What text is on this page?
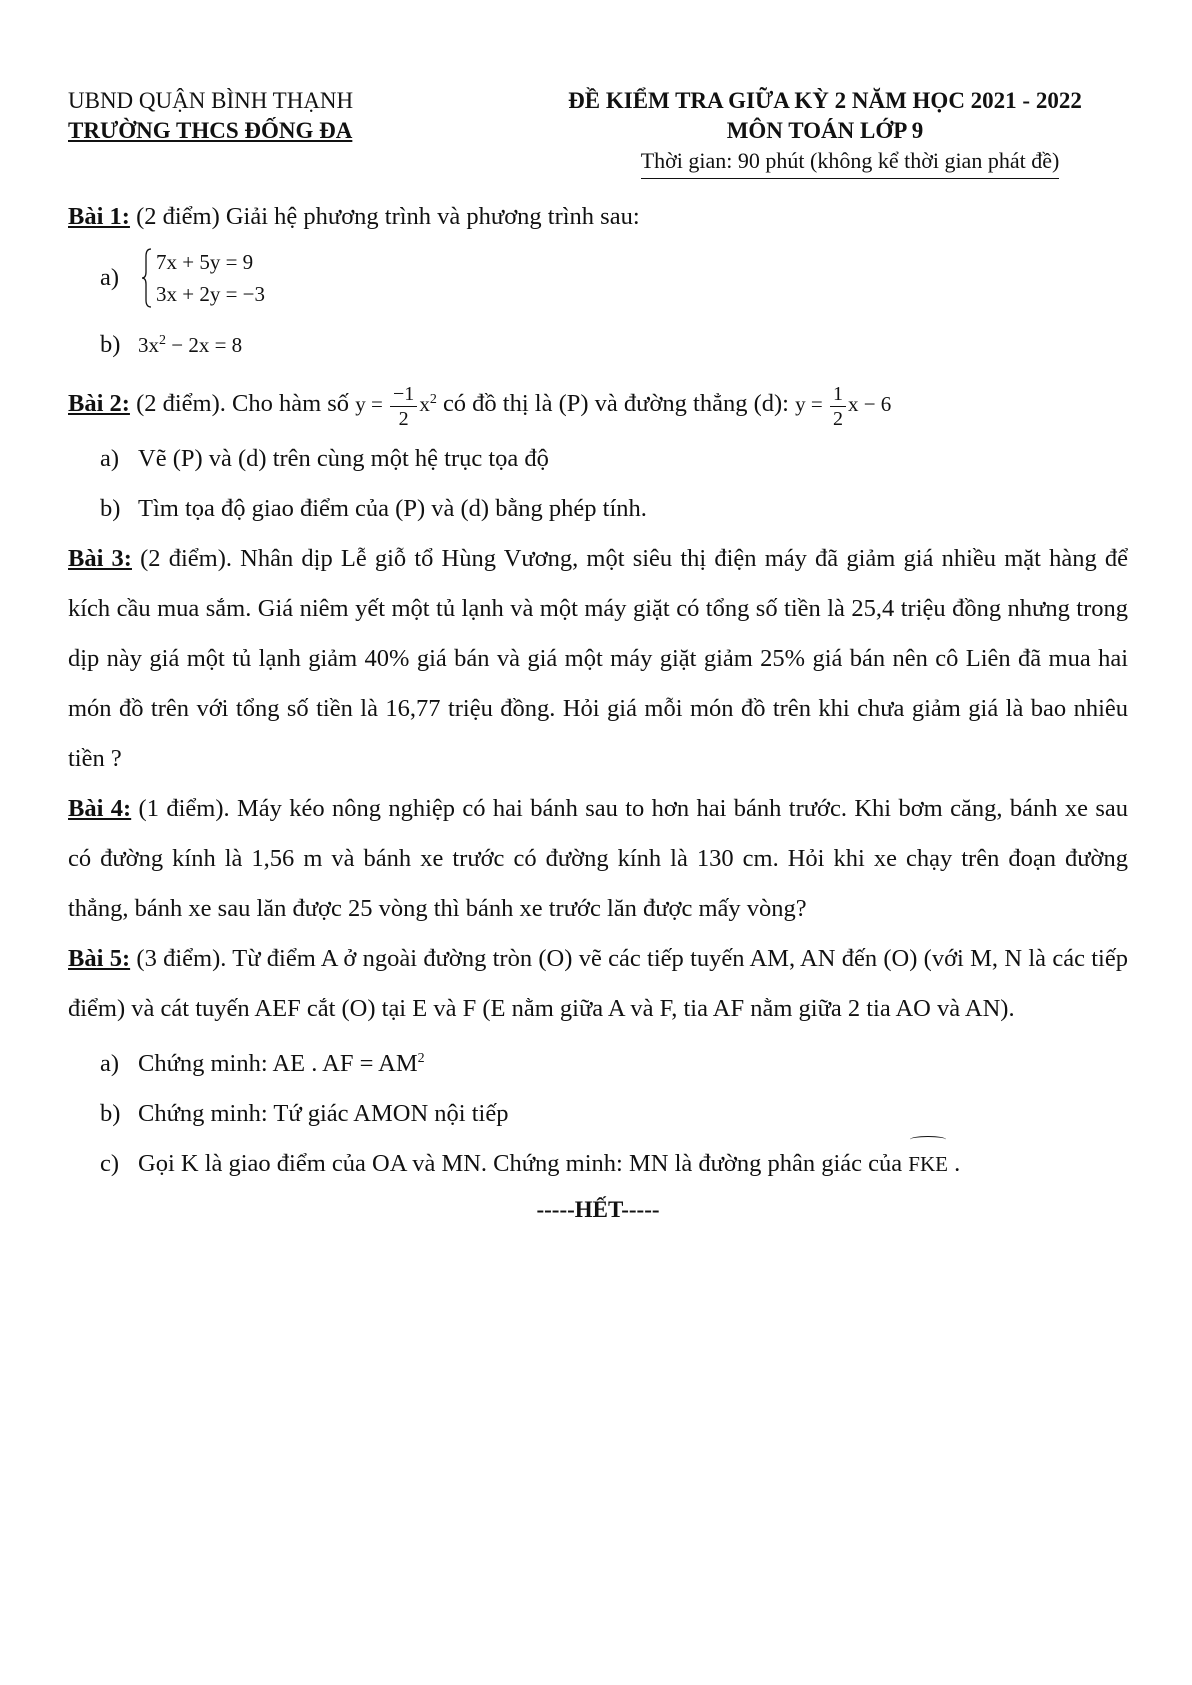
UBND QUẬN BÌNH THẠNH
TRƯỜNG THCS ĐỐNG ĐA
ĐỀ KIỂM TRA GIỮA KỲ 2 NĂM HỌC 2021 - 2022
MÔN TOÁN LỚP 9
Thời gian: 90 phút (không kể thời gian phát đề)

Bài 1: (2 điểm) Giải hệ phương trình và phương trình sau:

a)
7x + 5y = 9
3x + 2y = −3
b) $3x^2 - 2x = 8$

Bài 2: (2 điểm). Cho hàm số $y = \frac{-1}{2} x^2$ có đồ thị là (P) và đường thẳng (d): $y = \frac{1}{2}$ x − 6

a) Vẽ (P) và (d) trên cùng một hệ trục tọa độ
b) Tìm tọa độ giao điểm của (P) và (d) bằng phép tính.

Bài 3: (2 điểm). Nhân dịp Lễ giỗ tổ Hùng Vương, một siêu thị điện máy đã giảm giá nhiều mặt hàng để kích cầu mua sắm. Giá niêm yết một tủ lạnh và một máy giặt có tổng số tiền là 25,4 triệu đồng nhưng trong dịp này giá một tủ lạnh giảm 40% giá bán và giá một máy giặt giảm 25% giá bán nên cô Liên đã mua hai món đồ trên với tổng số tiền là 16,77 triệu đồng. Hỏi giá mỗi món đồ trên khi chưa giảm giá là bao nhiêu tiền ?

Bài 4: (1 điểm). Máy kéo nông nghiệp có hai bánh sau to hơn hai bánh trước. Khi bơm căng, bánh xe sau có đường kính là 1,56 m và bánh xe trước có đường kính là 130 cm. Hỏi khi xe chạy trên đoạn đường thẳng, bánh xe sau lăn được 25 vòng thì bánh xe trước lăn được mấy vòng?

Bài 5: (3 điểm). Từ điểm A ở ngoài đường tròn (O) vẽ các tiếp tuyến AM, AN đến (O) (với M, N là các tiếp điểm) và cát tuyến AEF cắt (O) tại E và F (E nằm giữa A và F, tia AF nằm giữa 2 tia AO và AN).

a) Chứng minh: AE . AF = $AM^2$
b) Chứng minh: Tứ giác AMON nội tiếp
c) Gọi K là giao điểm của OA và MN. Chứng minh: MN là đường phân giác của FKE .
-----HẾT-----
